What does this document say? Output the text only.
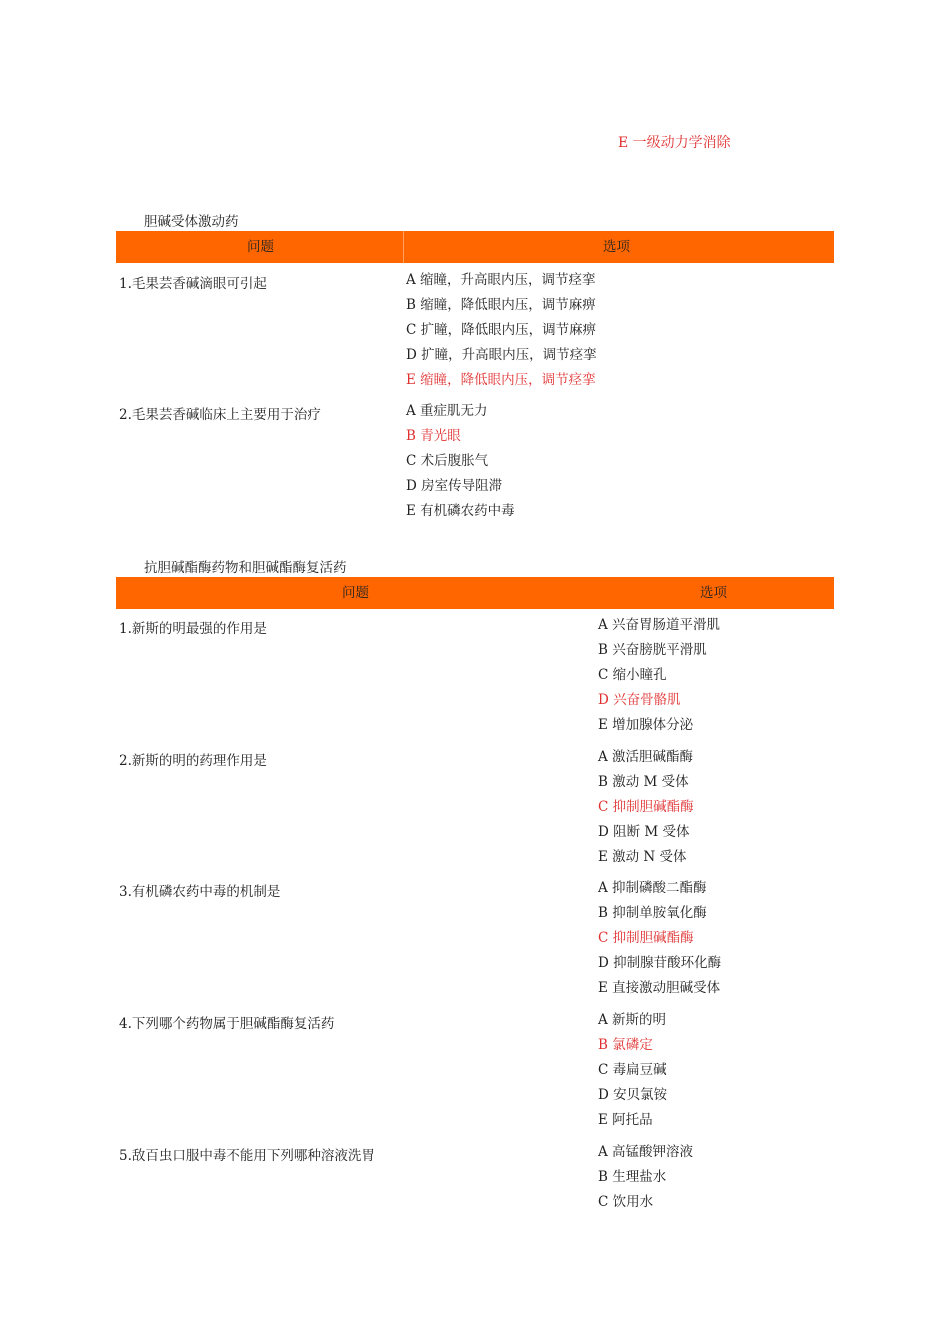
E 一级动力学消除
胆碱受体激动药
问题	选项
1.毛果芸香碱滴眼可引起	A 缩瞳，升高眼内压，调节痉挛
B 缩瞳，降低眼内压，调节麻痹
C 扩瞳，降低眼内压，调节麻痹
D 扩瞳，升高眼内压，调节痉挛
E 缩瞳，降低眼内压，调节痉挛
2.毛果芸香碱临床上主要用于治疗	A 重症肌无力
B 青光眼
C 术后腹胀气
D 房室传导阻滞
E 有机磷农药中毒
抗胆碱酯酶药物和胆碱酯酶复活药
问题	选项
1.新斯的明最强的作用是	A 兴奋胃肠道平滑肌
B 兴奋膀胱平滑肌
C 缩小瞳孔
D 兴奋骨骼肌
E 增加腺体分泌
2.新斯的明的药理作用是	A 激活胆碱酯酶
B 激动 M 受体
C 抑制胆碱酯酶
D 阻断 M 受体
E 激动 N 受体
3.有机磷农药中毒的机制是	A 抑制磷酸二酯酶
B 抑制单胺氧化酶
C 抑制胆碱酯酶
D 抑制腺苷酸环化酶
E 直接激动胆碱受体
4.下列哪个药物属于胆碱酯酶复活药	A 新斯的明
B 氯磷定
C 毒扁豆碱
D 安贝氯铵
E 阿托品
5.敌百虫口服中毒不能用下列哪种溶液洗胃	A 高锰酸钾溶液
B 生理盐水
C 饮用水
